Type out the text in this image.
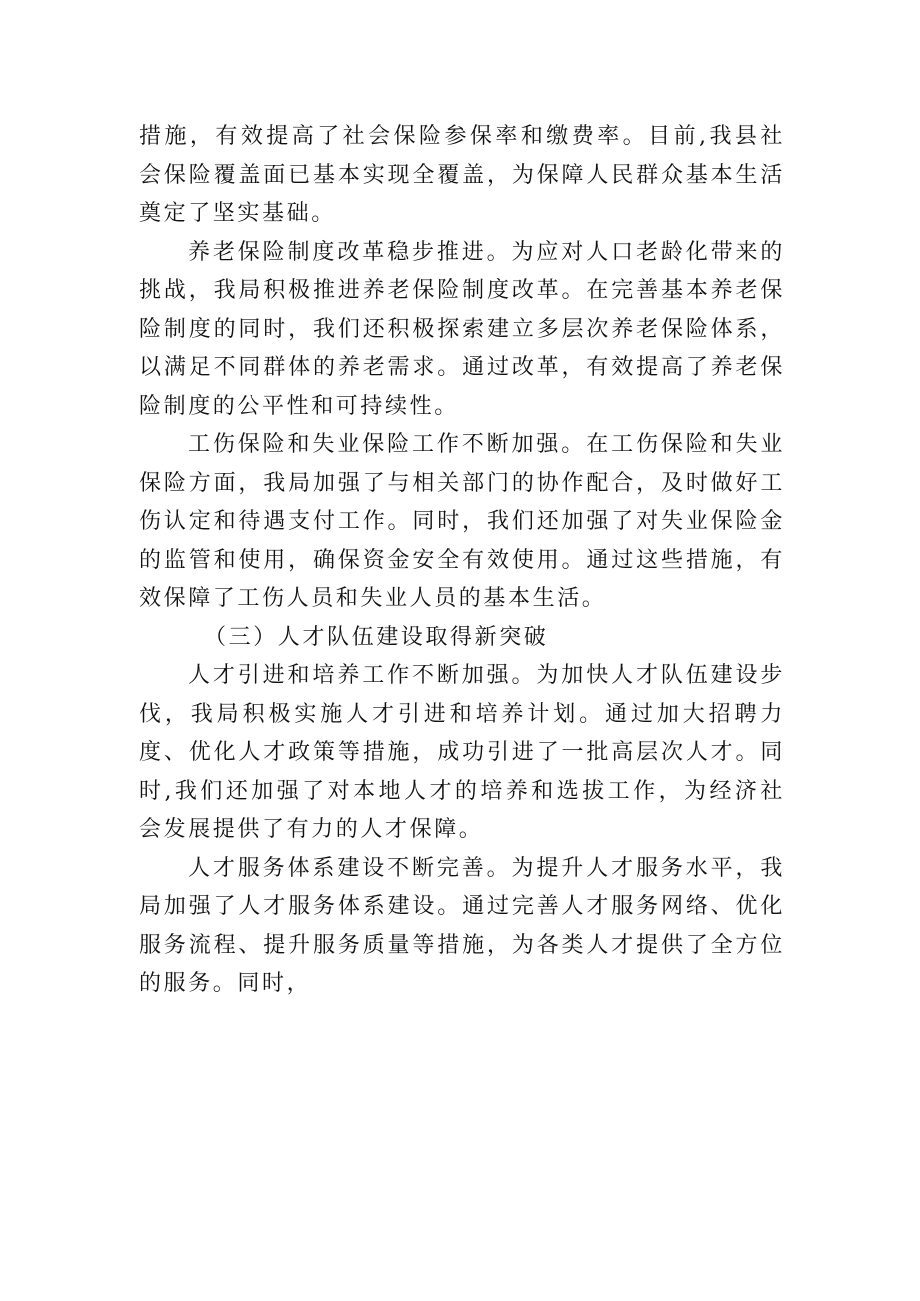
措施，有效提高了社会保险参保率和缴费率。目前,我县社会保险覆盖面已基本实现全覆盖，为保障人民群众基本生活奠定了坚实基础。

养老保险制度改革稳步推进。为应对人口老龄化带来的挑战，我局积极推进养老保险制度改革。在完善基本养老保险制度的同时，我们还积极探索建立多层次养老保险体系，以满足不同群体的养老需求。通过改革，有效提高了养老保险制度的公平性和可持续性。

工伤保险和失业保险工作不断加强。在工伤保险和失业保险方面，我局加强了与相关部门的协作配合，及时做好工伤认定和待遇支付工作。同时，我们还加强了对失业保险金的监管和使用，确保资金安全有效使用。通过这些措施，有效保障了工伤人员和失业人员的基本生活。

（三）人才队伍建设取得新突破

人才引进和培养工作不断加强。为加快人才队伍建设步伐，我局积极实施人才引进和培养计划。通过加大招聘力度、优化人才政策等措施，成功引进了一批高层次人才。同时,我们还加强了对本地人才的培养和选拔工作，为经济社会发展提供了有力的人才保障。

人才服务体系建设不断完善。为提升人才服务水平，我局加强了人才服务体系建设。通过完善人才服务网络、优化服务流程、提升服务质量等措施，为各类人才提供了全方位的服务。同时，
